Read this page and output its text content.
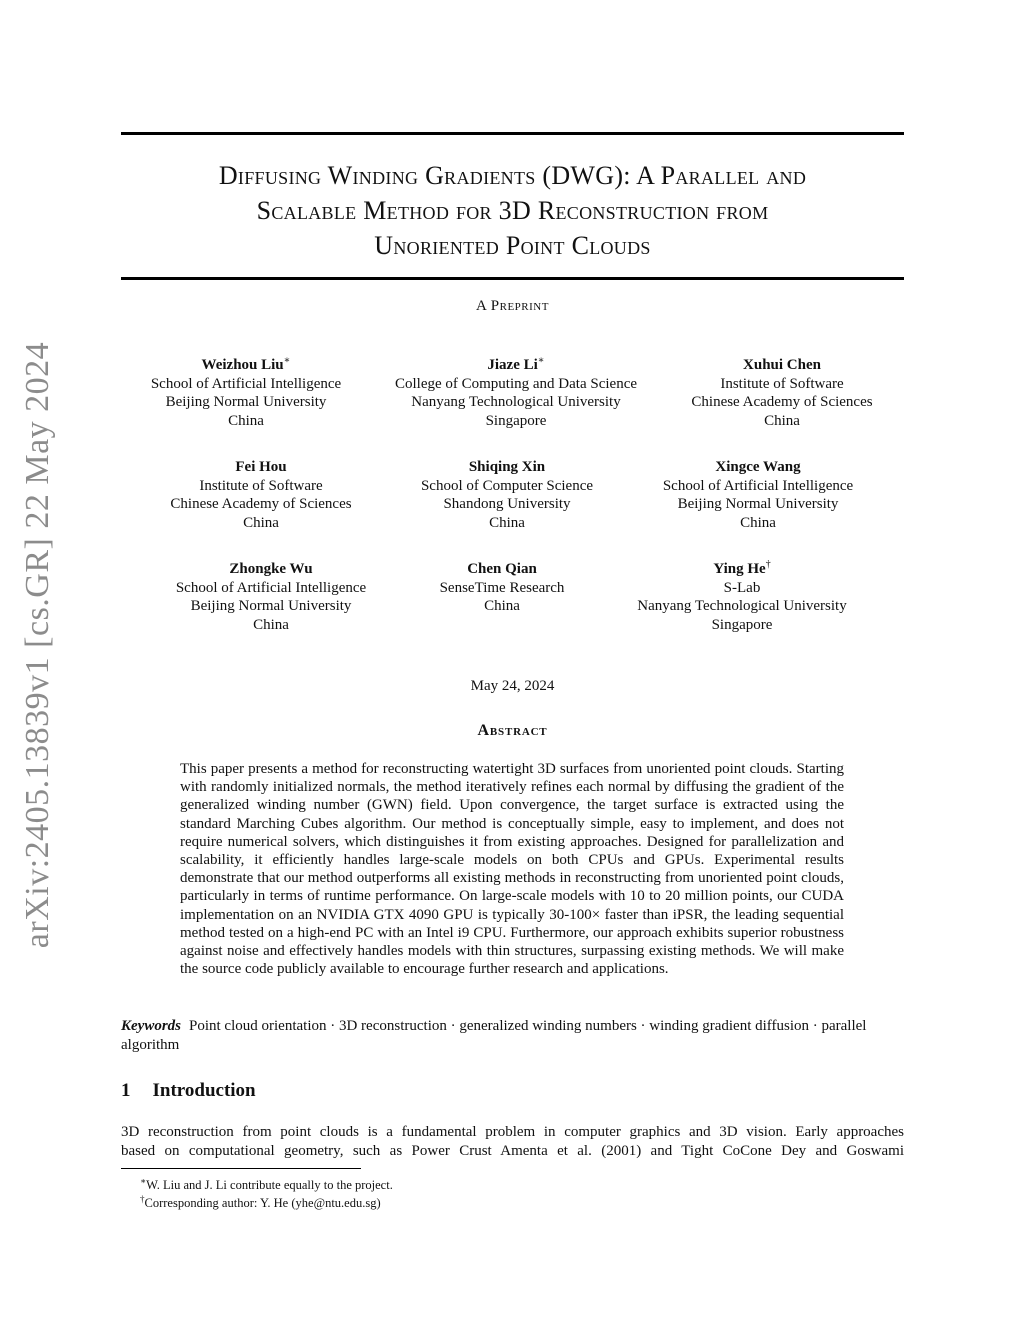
arXiv:2405.13839v1 [cs.GR] 22 May 2024
Diffusing Winding Gradients (DWG): A Parallel and
Scalable Method for 3D Reconstruction from
Unoriented Point Clouds
A Preprint
Weizhou Liu∗
School of Artificial Intelligence
Beijing Normal University
China
Jiaze Li∗
College of Computing and Data Science
Nanyang Technological University
Singapore
Xuhui Chen
Institute of Software
Chinese Academy of Sciences
China
Fei Hou
Institute of Software
Chinese Academy of Sciences
China
Shiqing Xin
School of Computer Science
Shandong University
China
Xingce Wang
School of Artificial Intelligence
Beijing Normal University
China
Zhongke Wu
School of Artificial Intelligence
Beijing Normal University
China
Chen Qian
SenseTime Research
China
Ying He†
S-Lab
Nanyang Technological University
Singapore
May 24, 2024
Abstract
This paper presents a method for reconstructing watertight 3D surfaces from unoriented point clouds. Starting with randomly initialized normals, the method iteratively refines each normal by diffusing the gradient of the generalized winding number (GWN) field. Upon convergence, the target surface is extracted using the standard Marching Cubes algorithm. Our method is conceptually simple, easy to implement, and does not require numerical solvers, which distinguishes it from existing approaches. Designed for parallelization and scalability, it efficiently handles large-scale models on both CPUs and GPUs. Experimental results demonstrate that our method outperforms all existing methods in reconstructing from unoriented point clouds, particularly in terms of runtime performance. On large-scale models with 10 to 20 million points, our CUDA implementation on an NVIDIA GTX 4090 GPU is typically 30-100× faster than iPSR, the leading sequential method tested on a high-end PC with an Intel i9 CPU. Furthermore, our approach exhibits superior robustness against noise and effectively handles models with thin structures, surpassing existing methods. We will make the source code publicly available to encourage further research and applications.
Keywords Point cloud orientation · 3D reconstruction · generalized winding numbers · winding gradient diffusion · parallel algorithm
1 Introduction
3D reconstruction from point clouds is a fundamental problem in computer graphics and 3D vision. Early approaches
based on computational geometry, such as Power Crust Amenta et al. (2001) and Tight CoCone Dey and Goswami
∗W. Liu and J. Li contribute equally to the project.
†Corresponding author: Y. He (yhe@ntu.edu.sg)
